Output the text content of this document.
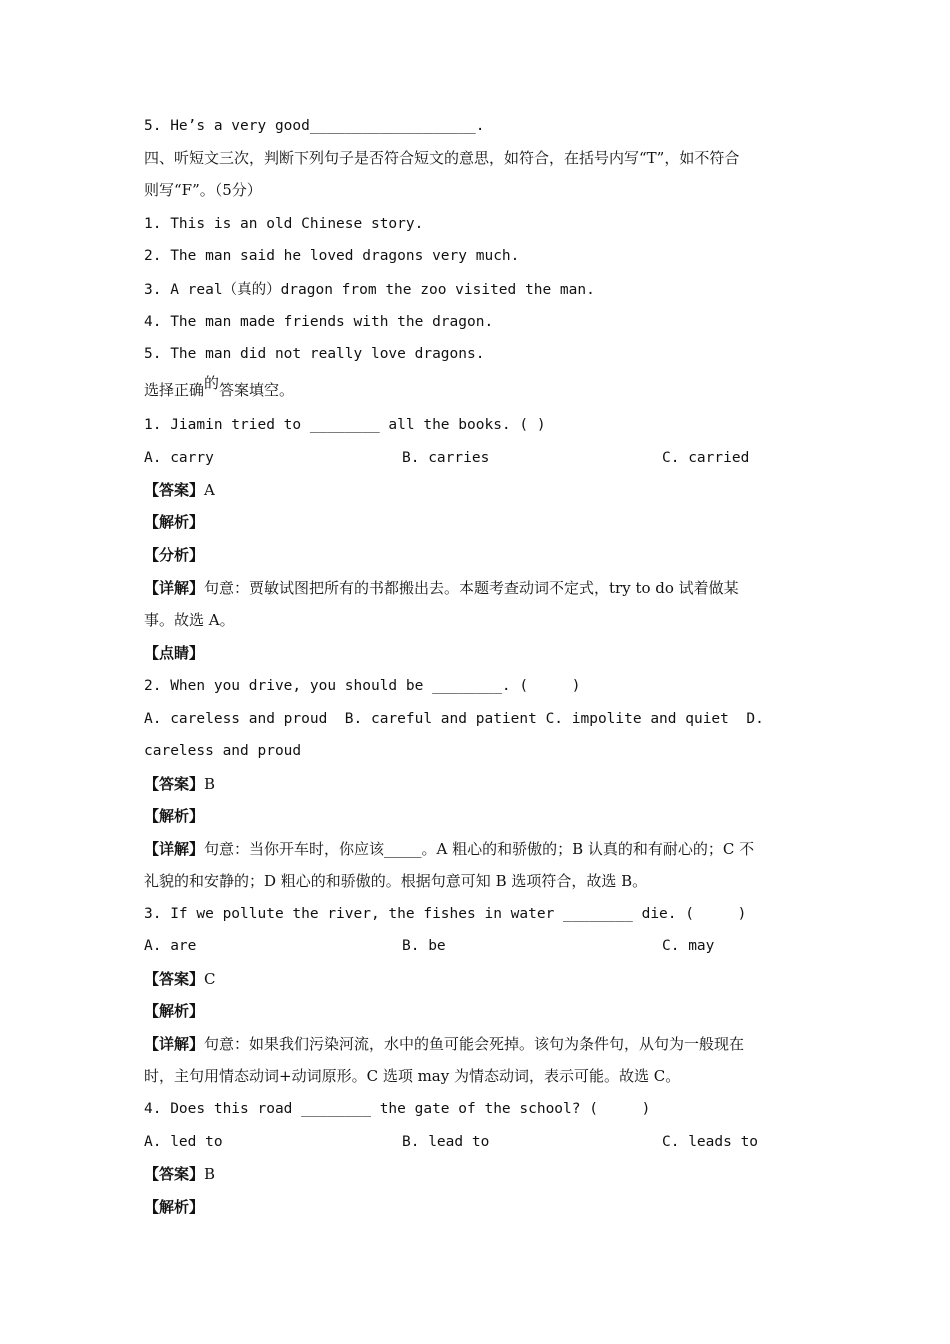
5. He’s a very good___________________.
四、听短文三次，判断下列句子是否符合短文的意思，如符合，在括号内写“T”，如不符合
则写“F”。（5分）
1. This is an old Chinese story.
2. The man said he loved dragons very much.
3. A real（真的）dragon from the zoo visited the man.
4. The man made friends with the dragon.
5. The man did not really love dragons.
选择正确的答案填空。
1. Jiamin tried to ________ all the books. ( )
A. carry	B. carries	C. carried
【答案】A
【解析】
【分析】
【详解】句意：贾敏试图把所有的书都搬出去。本题考查动词不定式，try to do 试着做某
事。故选 A。
【点睛】
2. When you drive, you should be ________. (     )
A. careless and proud  B. careful and patient C. impolite and quiet  D.
careless and proud
【答案】B
【解析】
【详解】句意：当你开车时，你应该_____。A 粗心的和骄傲的；B 认真的和有耐心的；C 不
礼貌的和安静的；D 粗心的和骄傲的。根据句意可知 B 选项符合，故选 B。
3. If we pollute the river, the fishes in water ________ die. (     )
A. are	B. be	C. may
【答案】C
【解析】
【详解】句意：如果我们污染河流，水中的鱼可能会死掉。该句为条件句，从句为一般现在
时，主句用情态动词+动词原形。C 选项 may 为情态动词，表示可能。故选 C。
4. Does this road ________ the gate of the school? (     )
A. led to	B. lead to	C. leads to
【答案】B
【解析】
